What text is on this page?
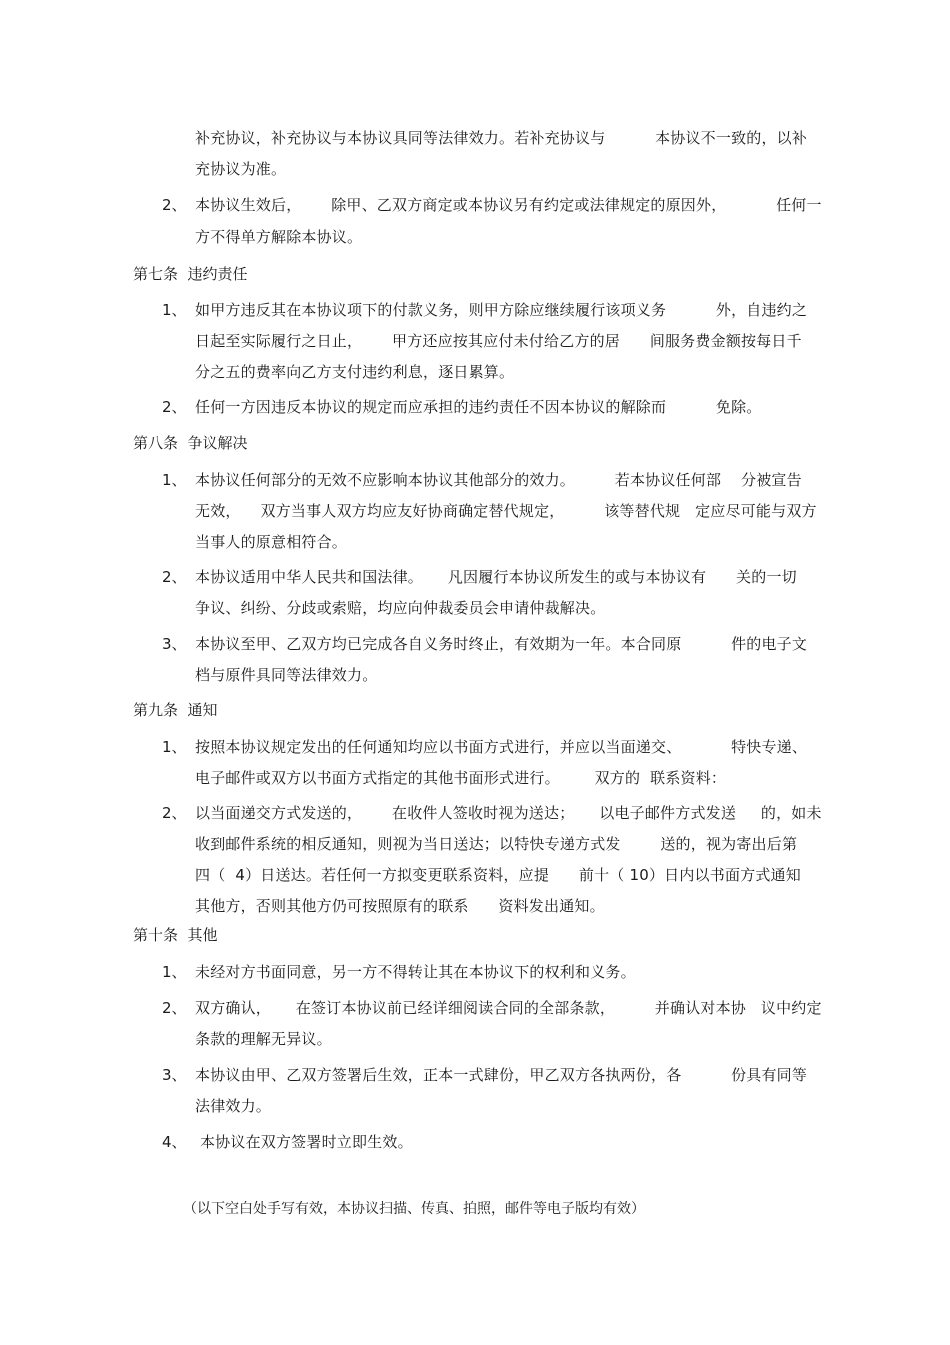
补充协议，补充协议与本协议具同等法律效力。若补充协议与          本协议不一致的，以补
充协议为准。
2、 本协议生效后，      除甲、乙双方商定或本协议另有约定或法律规定的原因外，          任何一
方不得单方解除本协议。
第七条  违约责任
1、 如甲方违反其在本协议项下的付款义务，则甲方除应继续履行该项义务          外，自违约之
日起至实际履行之日止，      甲方还应按其应付未付给乙方的居      间服务费金额按每日千
分之五的费率向乙方支付违约利息，逐日累算。
2、 任何一方因违反本协议的规定而应承担的违约责任不因本协议的解除而          免除。
第八条  争议解决
1、 本协议任何部分的无效不应影响本协议其他部分的效力。        若本协议任何部    分被宣告
无效，    双方当事人双方均应友好协商确定替代规定，        该等替代规   定应尽可能与双方
当事人的原意相符合。
2、 本协议适用中华人民共和国法律。     凡因履行本协议所发生的或与本协议有      关的一切
争议、纠纷、分歧或索赔，均应向仲裁委员会申请仲裁解决。
3、 本协议至甲、乙双方均已完成各自义务时终止，有效期为一年。本合同原          件的电子文
档与原件具同等法律效力。
第九条  通知
1、 按照本协议规定发出的任何通知均应以书面方式进行，并应以当面递交、          特快专递、
电子邮件或双方以书面方式指定的其他书面形式进行。       双方的  联系资料：
2、 以当面递交方式发送的，      在收件人签收时视为送达；     以电子邮件方式发送     的，如未
收到邮件系统的相反通知，则视为当日送达；以特快专递方式发        送的，视为寄出后第
四（  4）日送达。若任何一方拟变更联系资料，应提      前十（ 10）日内以书面方式通知
其他方，否则其他方仍可按照原有的联系      资料发出通知。
第十条  其他
1、 未经对方书面同意，另一方不得转让其在本协议下的权利和义务。
2、 双方确认，     在签订本协议前已经详细阅读合同的全部条款，        并确认对本协   议中约定
条款的理解无异议。
3、 本协议由甲、乙双方签署后生效，正本一式肆份，甲乙双方各执两份，各          份具有同等
法律效力。
4、 本协议在双方签署时立即生效。
（以下空白处手写有效，本协议扫描、传真、拍照，邮件等电子版均有效）
